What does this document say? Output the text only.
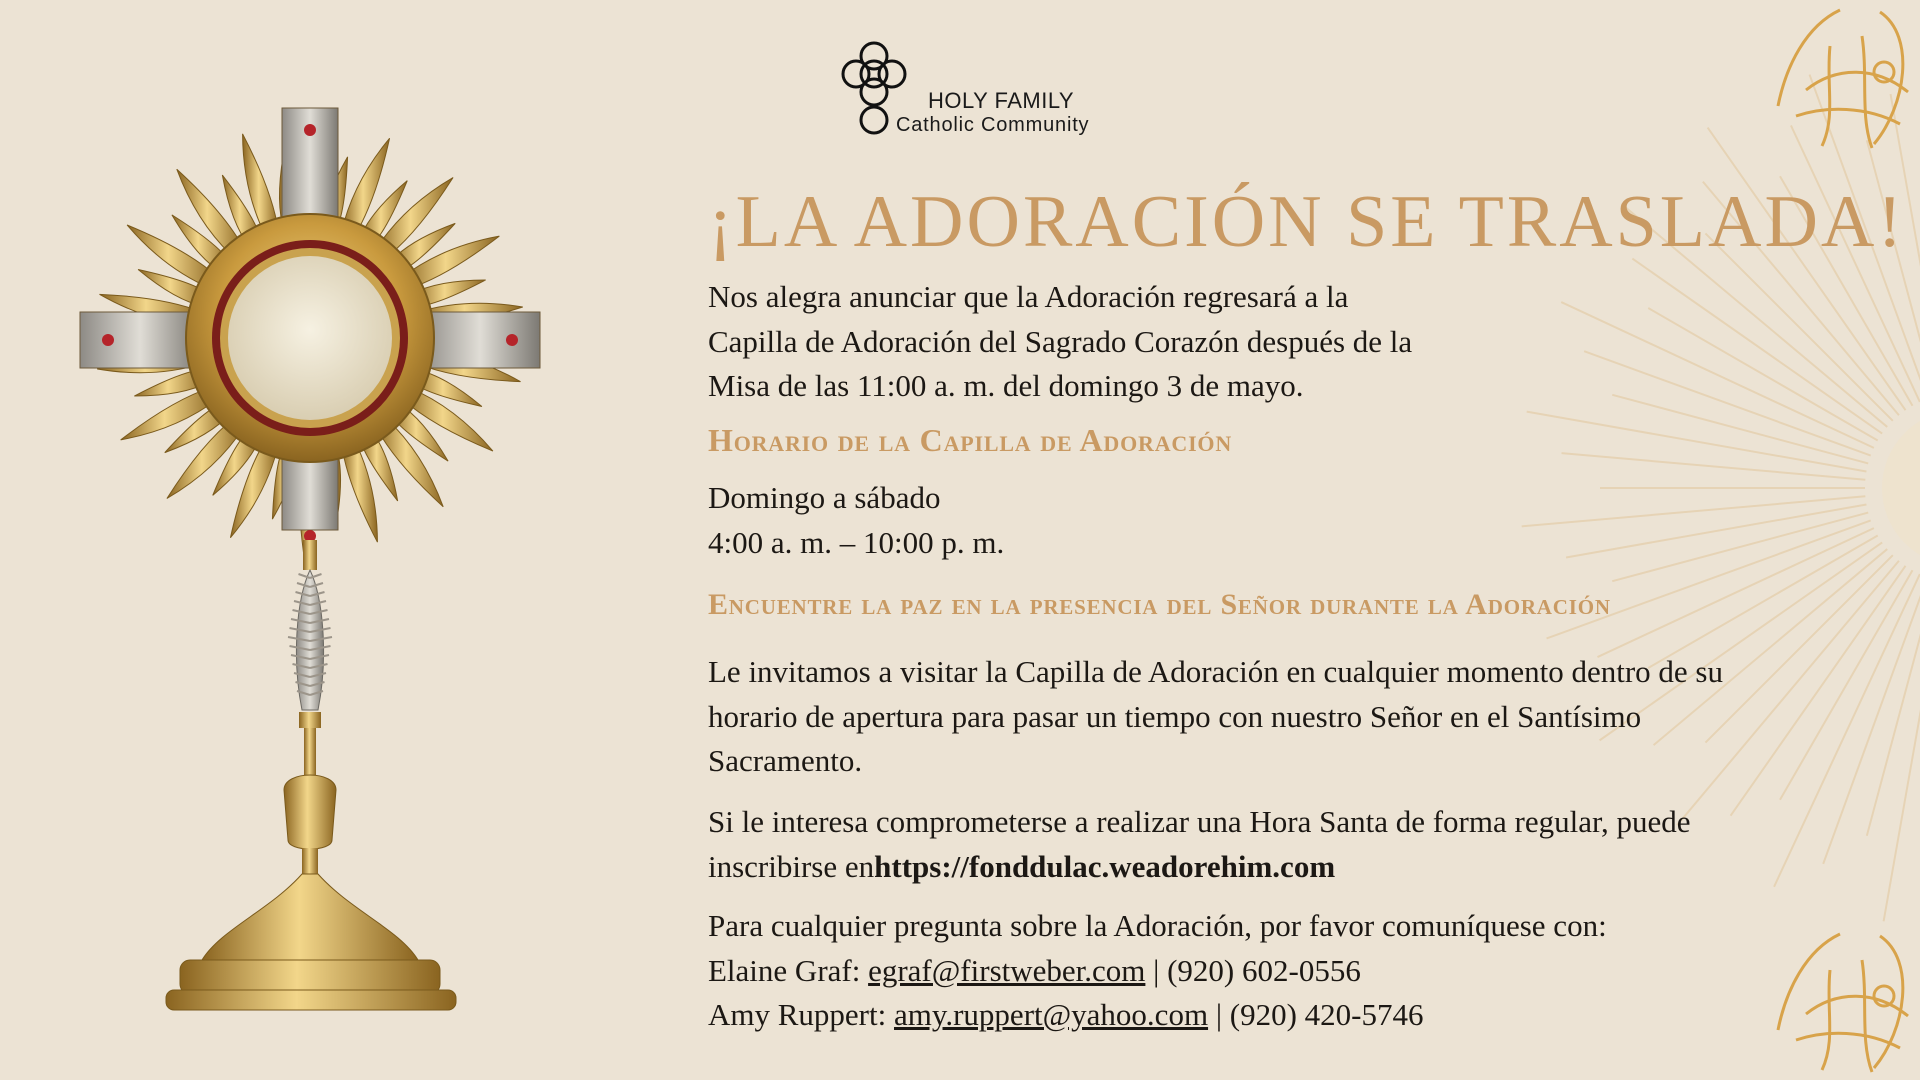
HOLY FAMILY
Catholic Community
¡LA ADORACIÓN SE TRASLADA!
Nos alegra anunciar que la Adoración regresará a la
Capilla de Adoración del Sagrado Corazón después de la
Misa de las 11:00 a. m. del domingo 3 de mayo.
Horario de la Capilla de Adoración
Domingo a sábado
4:00 a. m. – 10:00 p. m.
Encuentre la paz en la presencia del Señor durante la Adoración
Le invitamos a visitar la Capilla de Adoración en cualquier momento dentro de su
horario de apertura para pasar un tiempo con nuestro Señor en el Santísimo
Sacramento.
Si le interesa comprometerse a realizar una Hora Santa de forma regular, puede
inscribirse enhttps://fonddulac.weadorehim.com
Para cualquier pregunta sobre la Adoración, por favor comuníquese con:
Elaine Graf: egraf@firstweber.com | (920) 602-0556
Amy Ruppert: amy.ruppert@yahoo.com | (920) 420-5746
